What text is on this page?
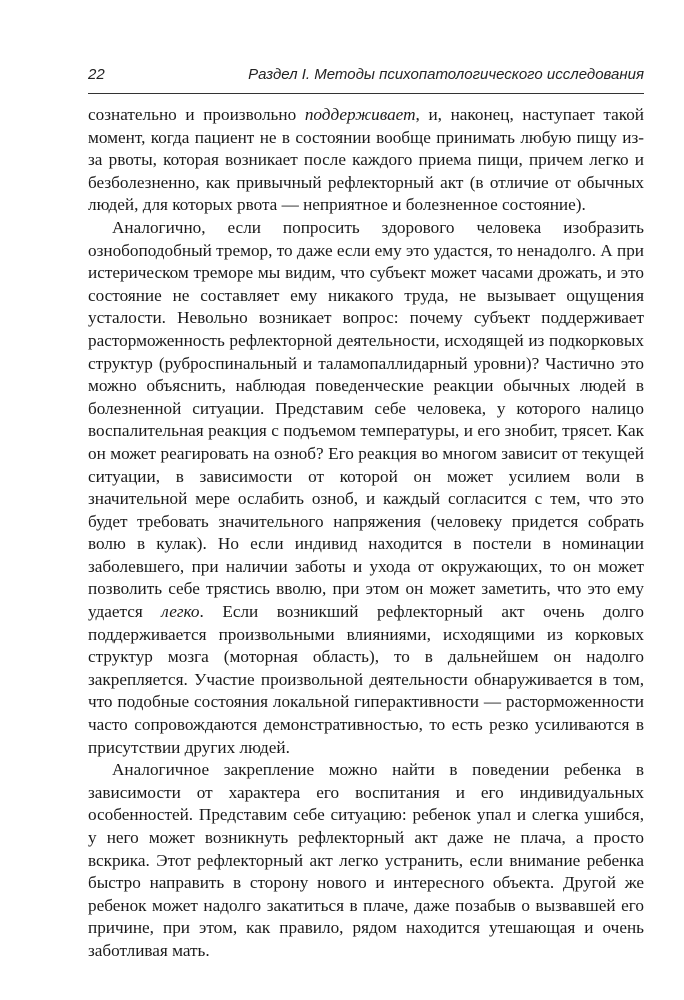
22	Раздел I. Методы психопатологического исследования

сознательно и произвольно поддерживает, и, наконец, наступает такой момент, когда пациент не в состоянии вообще принимать любую пищу из-за рвоты, которая возникает после каждого приема пищи, причем легко и безболезненно, как привычный рефлекторный акт (в отличие от обычных людей, для которых рвота — неприятное и болезненное состояние).

Аналогично, если попросить здорового человека изобразить ознобоподобный тремор, то даже если ему это удастся, то ненадолго. А при истерическом треморе мы видим, что субъект может часами дрожать, и это состояние не составляет ему никакого труда, не вызывает ощущения усталости. Невольно возникает вопрос: почему субъект поддерживает расторможенность рефлекторной деятельности, исходящей из подкорковых структур (руброспинальный и таламопаллидарный уровни)? Частично это можно объяснить, наблюдая поведенческие реакции обычных людей в болезненной ситуации. Представим себе человека, у которого налицо воспалительная реакция с подъемом температуры, и его знобит, трясет. Как он может реагировать на озноб? Его реакция во многом зависит от текущей ситуации, в зависимости от которой он может усилием воли в значительной мере ослабить озноб, и каждый согласится с тем, что это будет требовать значительного напряжения (человеку придется собрать волю в кулак). Но если индивид находится в постели в номинации заболевшего, при наличии заботы и ухода от окружающих, то он может позволить себе трястись вволю, при этом он может заметить, что это ему удается легко. Если возникший рефлекторный акт очень долго поддерживается произвольными влияниями, исходящими из корковых структур мозга (моторная область), то в дальнейшем он надолго закрепляется. Участие произвольной деятельности обнаруживается в том, что подобные состояния локальной гиперактивности — расторможенности часто сопровождаются демонстративностью, то есть резко усиливаются в присутствии других людей.

Аналогичное закрепление можно найти в поведении ребенка в зависимости от характера его воспитания и его индивидуальных особенностей. Представим себе ситуацию: ребенок упал и слегка ушибся, у него может возникнуть рефлекторный акт даже не плача, а просто вскрика. Этот рефлекторный акт легко устранить, если внимание ребенка быстро направить в сторону нового и интересного объекта. Другой же ребенок может надолго закатиться в плаче, даже позабыв о вызвавшей его причине, при этом, как правило, рядом находится утешающая и очень заботливая мать.
